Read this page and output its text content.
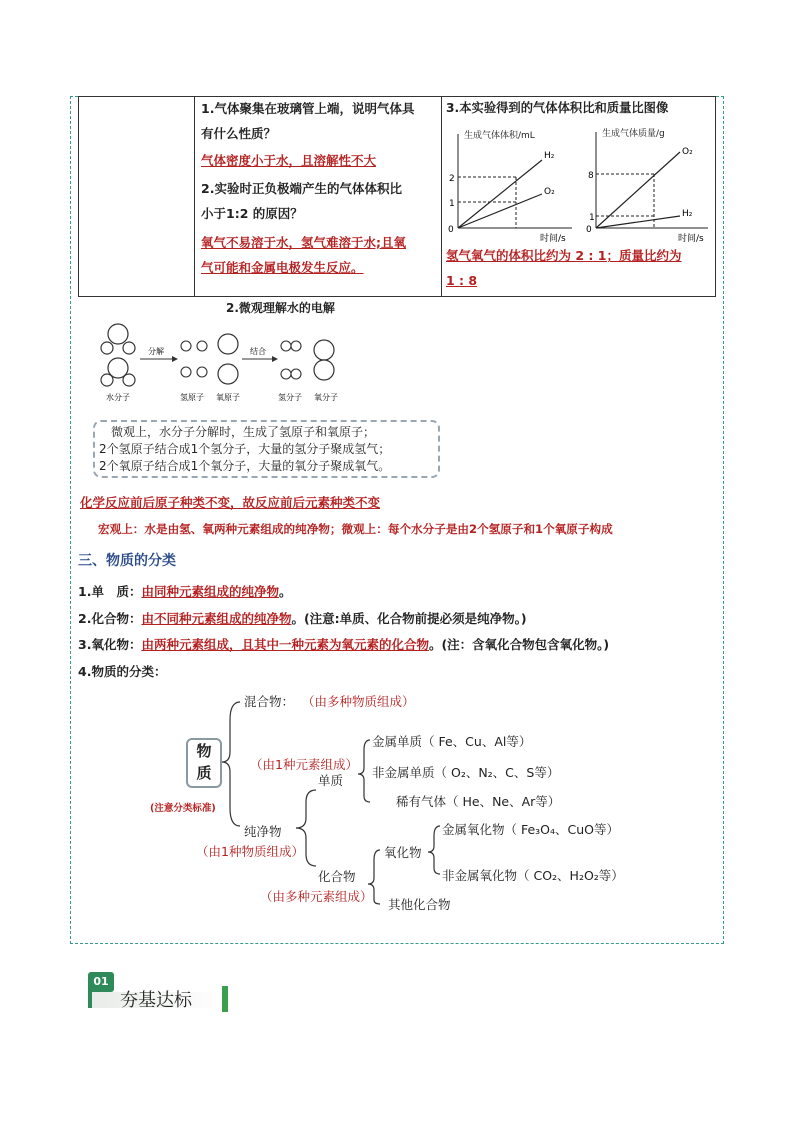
1.气体聚集在玻璃管上端，说明气体具
有什么性质？
气体密度小于水，且溶解性不大
2.实验时正负极端产生的气体体积比
小于1:2 的原因？
氧气不易溶于水，氢气难溶于水;且氧
气可能和金属电极发生反应。
3.本实验得到的气体体积比和质量比图像
生成气体体积/mL
0
1
2
H₂
O₂
时间/s
生成气体质量/g
0
1
8
O₂
H₂
时间/s
氢气氧气的体积比约为 2 : 1；质量比约为
1 : 8
2.微观理解水的电解
分解	结合
水分子	氢原子 氧原子	氢分子 氧分子
微观上，水分子分解时，生成了氢原子和氧原子；
2个氢原子结合成1个氢分子，大量的氢分子聚成氢气；
2个氧原子结合成1个氧分子，大量的氧分子聚成氧气。
化学反应前后原子种类不变，故反应前后元素种类不变
宏观上：水是由氢、氧两种元素组成的纯净物；微观上：每个水分子是由2个氢原子和1个氧原子构成
三、物质的分类
1.单　质：由同种元素组成的纯净物。
2.化合物：由不同种元素组成的纯净物。(注意:单质、化合物前提必须是纯净物。)
3.氧化物：由两种元素组成，且其中一种元素为氧元素的化合物。(注：含氧化合物包含氧化物。)
4.物质的分类：
物
质
(注意分类标准)
混合物： （由多种物质组成）
（由1种元素组成）
单质
金属单质（ Fe、Cu、Al等）
非金属单质（ O₂、N₂、C、S等）
稀有气体（ He、Ne、Ar等）
纯净物
（由1种物质组成）
化合物
（由多种元素组成）
氧化物
金属氧化物（ Fe₃O₄、CuO等）
非金属氧化物（ CO₂、H₂O₂等）
其他化合物
01
夯基达标
